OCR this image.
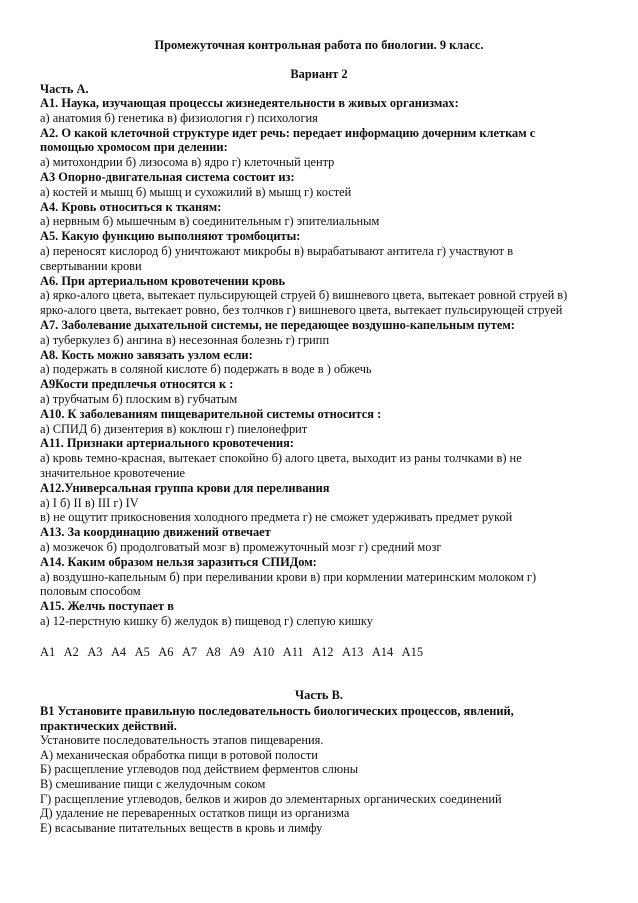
Промежуточная контрольная работа по биологии. 9 класс.
Вариант 2
Часть А.
А1. Наука, изучающая процессы жизнедеятельности в живых организмах:
а) анатомия б) генетика в) физиология г) психология
А2. О какой клеточной структуре идет речь: передает информацию дочерним клеткам с
помощью хромосом при делении:
а) митохондрии б) лизосома в) ядро г) клеточный центр
А3 Опорно-двигательная система состоит из:
а) костей и мышц б) мышц и сухожилий в) мышц г) костей
А4. Кровь относиться к тканям:
а) нервным б) мышечным в) соединительным г) эпителиальным
А5. Какую функцию выполняют тромбоциты:
а) переносят кислород б) уничтожают микробы в) вырабатывают антитела г) участвуют в
свертывании крови
А6. При артериальном кровотечении кровь
а) ярко-алого цвета, вытекает пульсирующей струей б) вишневого цвета, вытекает ровной струей в)
ярко-алого цвета, вытекает ровно, без толчков г) вишневого цвета, вытекает пульсирующей струей
А7. Заболевание дыхательной системы, не передающее воздушно-капельным путем:
а) туберкулез б) ангина в) несезонная болезнь г) грипп
А8. Кость можно завязать узлом если:
а) подержать в соляной кислоте б) подержать в воде в ) обжечь
А9Кости предплечья относятся к :
а) трубчатым б) плоским в) губчатым
А10. К заболеваниям пищеварительной системы относится :
а) СПИД б) дизентерия в) коклюш г) пиелонефрит
А11. Признаки артериального кровотечения:
а) кровь темно-красная, вытекает спокойно б) алого цвета, выходит из раны толчками в) не
значительное кровотечение
А12.Универсальная группа крови для переливания
а) I б) II в) III г) IV
в) не ощутит прикосновения холодного предмета г) не сможет удерживать предмет рукой
А13. За координацию движений отвечает
а) мозжечок б) продолговатый мозг в) промежуточный мозг г) средний мозг
А14. Каким образом нельзя заразиться СПИДом:
а) воздушно-капельным б) при переливании крови в) при кормлении материнским молоком г)
половым способом
А15. Желчь поступает в
а) 12-перстную кишку б) желудок в) пищевод г) слепую кишку
А1 А2 А3 А4 А5 А6 А7 А8 А9 А10 А11 А12 А13 А14 А15
Часть В.
В1 Установите правильную последовательность биологических процессов, явлений,
практических действий.
Установите последовательность этапов пищеварения.
А) механическая обработка пищи в ротовой полости
Б) расщепление углеводов под действием ферментов слюны
В) смешивание пищи с желудочным соком
Г) расщепление углеводов, белков и жиров до элементарных органических соединений
Д) удаление не переваренных остатков пищи из организма
Е) всасывание питательных веществ в кровь и лимфу
